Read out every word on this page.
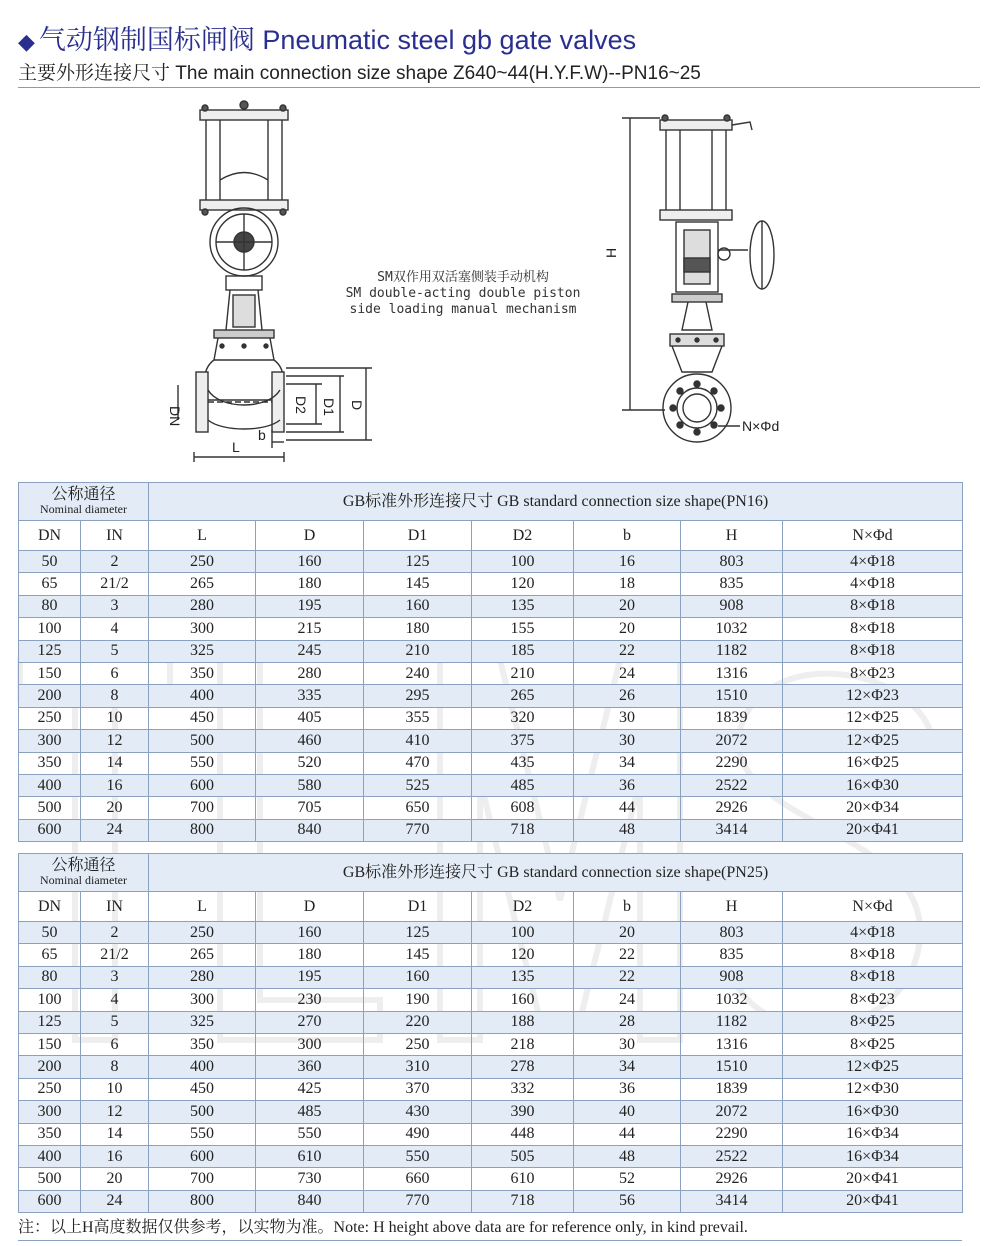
◆ 气动钢制国标闸阀 Pneumatic steel gb gate valves
主要外形连接尺寸 The main connection size shape Z640~44(H.Y.F.W)--PN16~25
DN
L
b
D2 D1 D
H
N×Φd
SM双作用双活塞侧装手动机构
SM double-acting double piston
side loading manual mechanism
公称通径
Nominal diameter		GB标准外形连接尺寸 GB standard connection size shape(PN16)						
DN	IN	L	D	D1	D2	b	H	N×Φd
50	2	250	160	125	100	16	803	4×Φ18
65	21/2	265	180	145	120	18	835	4×Φ18
80	3	280	195	160	135	20	908	8×Φ18
100	4	300	215	180	155	20	1032	8×Φ18
125	5	325	245	210	185	22	1182	8×Φ18
150	6	350	280	240	210	24	1316	8×Φ23
200	8	400	335	295	265	26	1510	12×Φ23
250	10	450	405	355	320	30	1839	12×Φ25
300	12	500	460	410	375	30	2072	12×Φ25
350	14	550	520	470	435	34	2290	16×Φ25
400	16	600	580	525	485	36	2522	16×Φ30
500	20	700	705	650	608	44	2926	20×Φ34
600	24	800	840	770	718	48	3414	20×Φ41
公称通径
Nominal diameter		GB标准外形连接尺寸 GB standard connection size shape(PN25)						
DN	IN	L	D	D1	D2	b	H	N×Φd
50	2	250	160	125	100	20	803	4×Φ18
65	21/2	265	180	145	120	22	835	8×Φ18
80	3	280	195	160	135	22	908	8×Φ18
100	4	300	230	190	160	24	1032	8×Φ23
125	5	325	270	220	188	28	1182	8×Φ25
150	6	350	300	250	218	30	1316	8×Φ25
200	8	400	360	310	278	34	1510	12×Φ25
250	10	450	425	370	332	36	1839	12×Φ30
300	12	500	485	430	390	40	2072	16×Φ30
350	14	550	550	490	448	44	2290	16×Φ34
400	16	600	610	550	505	48	2522	16×Φ34
500	20	700	730	660	610	52	2926	20×Φ41
600	24	800	840	770	718	56	3414	20×Φ41
注：以上H高度数据仅供参考，以实物为准。Note: H height above data are for reference only, in kind prevail.
